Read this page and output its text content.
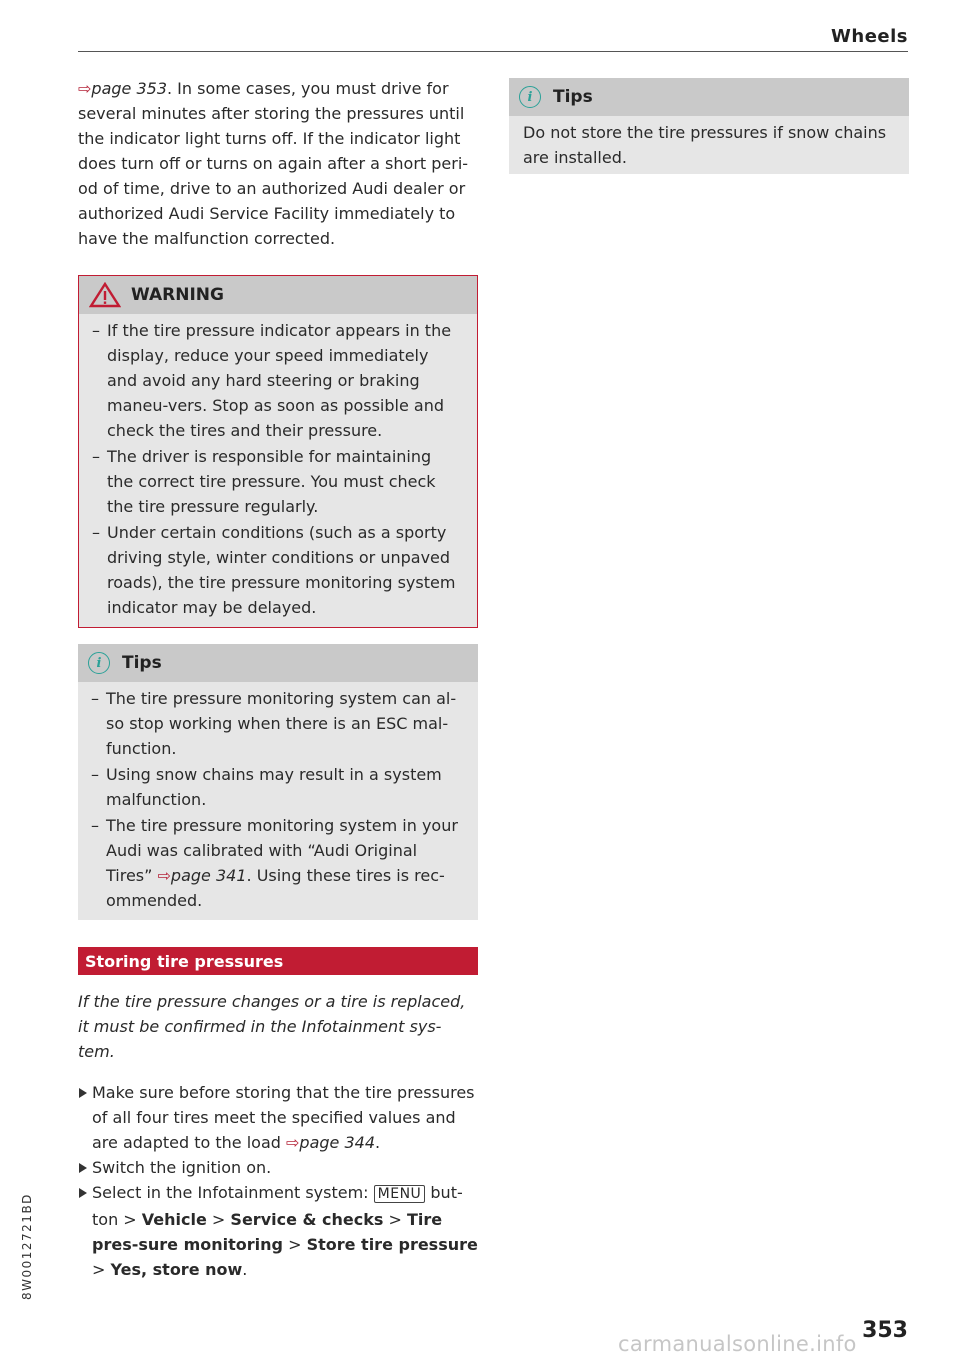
Wheels

⇨page 353. In some cases, you must drive for several minutes after storing the pressures until the indicator light turns off. If the indicator light does turn off or turns on again after a short peri-od of time, drive to an authorized Audi dealer or authorized Audi Service Facility immediately to have the malfunction corrected.

WARNING
– If the tire pressure indicator appears in the display, reduce your speed immediately and avoid any hard steering or braking maneu-vers. Stop as soon as possible and check the tires and their pressure.
– The driver is responsible for maintaining the correct tire pressure. You must check the tire pressure regularly.
– Under certain conditions (such as a sporty driving style, winter conditions or unpaved roads), the tire pressure monitoring system indicator may be delayed.
i	Tips
– The tire pressure monitoring system can al-so stop working when there is an ESC mal-function.
– Using snow chains may result in a system malfunction.
– The tire pressure monitoring system in your Audi was calibrated with “Audi Original Tires” ⇨page 341. Using these tires is rec-ommended.
Storing tire pressures

If the tire pressure changes or a tire is replaced, it must be confirmed in the Infotainment sys-tem.

Make sure before storing that the tire pressures of all four tires meet the specified values and are adapted to the load ⇨page 344.
Switch the ignition on.
Select in the Infotainment system: MENU but-ton > Vehicle > Service & checks > Tire pres-sure monitoring > Store tire pressure > Yes, store now.
i	Tips

Do not store the tire pressures if snow chains are installed.

8W0012721BD
353
carmanualsonline.info
